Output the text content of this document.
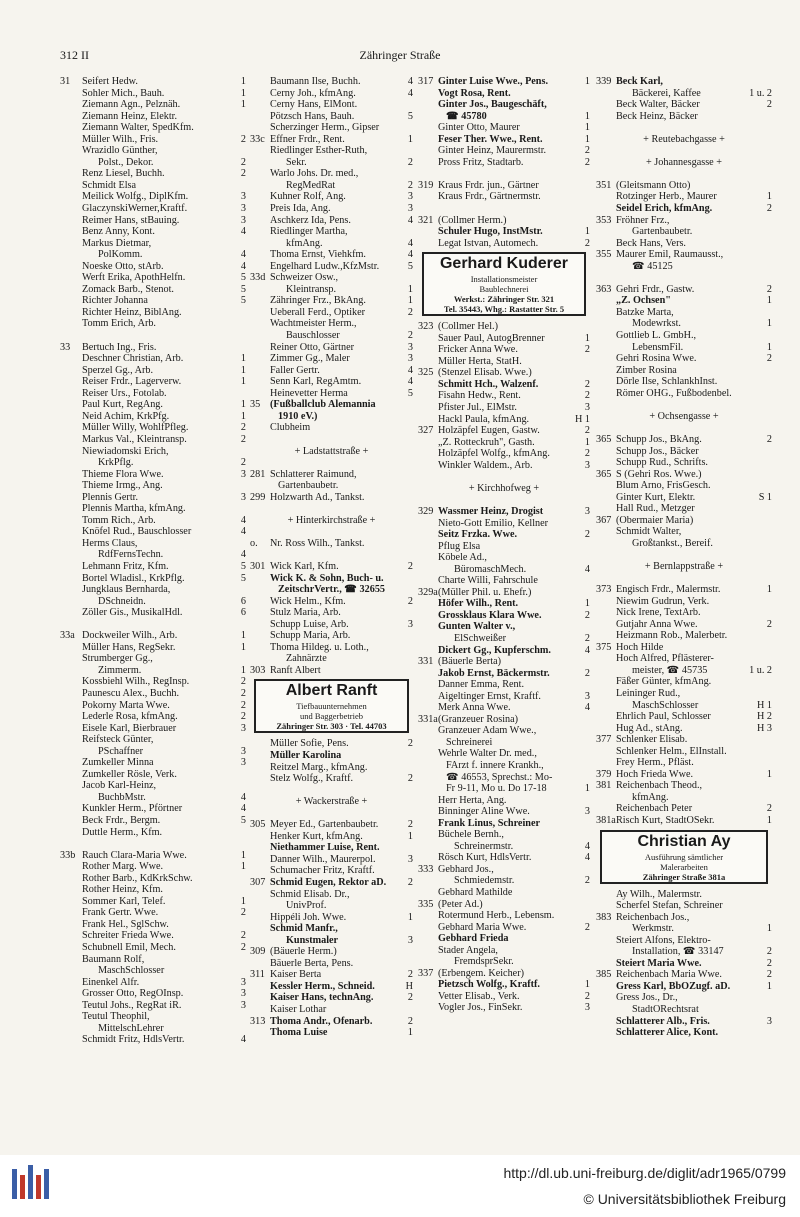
312 II	Zähringer Straße
31 Seifert Hedw.	1
Sohler Mich., Bauh.	1
Ziemann Agn., Pelznäh.	1
Ziemann Heinz, Elektr.
Ziemann Walter, SpedKfm.
Müller Wilh., Fris.	2
Wrazidlo Günther,
Polst., Dekor.	2
Renz Liesel, Buchh.	2
Schmidt Elsa
Meilick Wolfg., DiplKfm.	3
GlaczynskiWerner,Kraftf.	3
Reimer Hans, stBauing.	3
Benz Anny, Kont.	4
Markus Dietmar,
PolKomm.	4
Noeske Otto, stArb.	4
Werft Erika, ApothHelfn.	5
Zomack Barb., Stenot.	5
Richter Johanna	5
Richter Heinz, BiblAng.
Tomm Erich, Arb.
33 Bertuch Ing., Fris.
Deschner Christian, Arb.	1
Sperzel Gg., Arb.	1
Reiser Frdr., Lagerverw.	1
Reiser Urs., Fotolab.
Paul Kurt, RegAng.	1
Neid Achim, KrkPfg.	1
Müller Willy, WohlfPfleg.	2
Markus Val., Kleintransp.	2
Niewiadomski Erich,
KrkPflg.	2
Thieme Flora Wwe.	3
Thieme Irmg., Ang.
Plennis Gertr.	3
Plennis Martha, kfmAng.
Tomm Rich., Arb.	4
Knöfel Rud., Bauschlosser	4
Herms Claus,
RdfFernsTechn.	4
Lehmann Fritz, Kfm.	5
Bortel Wladisl., KrkPflg.	5
Jungklaus Bernharda,
DSchneidn.	6
Zöller Gis., MusikalHdl.	6
33a Dockweiler Wilh., Arb.	1
Müller Hans, RegSekr.	1
Strumberger Gg.,
Zimmerm.	1
Kossbiehl Wilh., RegInsp.	2
Paunescu Alex., Buchh.	2
Pokorny Marta Wwe.	2
Lederle Rosa, kfmAng.	2
Eisele Karl, Bierbrauer	3
Reifsteck Günter,
PSchaffner	3
Zumkeller Minna	3
Zumkeller Rösle, Verk.
Jacob Karl-Heinz,
BuchbMstr.	4
Kunkler Herm., Pförtner	4
Beck Frdr., Bergm.	5
Duttle Herm., Kfm.
33b Rauch Clara-Maria Wwe.	1
Rother Marg. Wwe.	1
Rother Barb., KdKrkSchw.
Rother Heinz, Kfm.
Sommer Karl, Telef.	1
Frank Gertr. Wwe.	2
Frank Hel., SglSchw.
Schreiter Frieda Wwe.	2
Schubnell Emil, Mech.	2
Baumann Rolf,
MaschSchlosser
Einenkel Alfr.	3
Grosser Otto, RegOInsp.	3
Teutul Johs., RegRat iR.	3
Teutul Theophil,
MittelschLehrer
Schmidt Fritz, HdlsVertr.	4
Baumann Ilse, Buchh.	4
Cerny Joh., kfmAng.	4
Cerny Hans, ElMont.
Pötzsch Hans, Bauh.	5
Scherzinger Herm., Gipser
33c Effner Frdr., Rent.	1
Riedlinger Esther-Ruth,
Sekr.	2
Warlo Johs. Dr. med.,
RegMedRat	2
Kuhner Rolf, Ang.	3
Preis Ida, Ang.	3
Aschkerz Ida, Pens.	4
Riedlinger Martha,
kfmAng.	4
Thoma Ernst, Viehkfm.	4
Engelhard Ludw.,KfzMstr.	5
33d Schweizer Osw.,
Kleintransp.	1
Zähringer Frz., BkAng.	1
Ueberall Ferd., Optiker	2
Wachtmeister Herm.,
Bauschlosser	2
Reiner Otto, Gärtner	3
Zimmer Gg., Maler	3
Faller Gertr.	4
Senn Karl, RegAmtm.	4
Heinevetter Herma	5
35 (Fußballclub Alemannia
1910 eV.)
Clubheim
+ Ladstattstraße +
281 Schlatterer Raimund,
Gartenbaubetr.
299 Holzwarth Ad., Tankst.
+ Hinterkirchstraße +
o. Nr. Ross Wilh., Tankst.
301 Wick Karl, Kfm.	2
Wick K. & Sohn, Buch- u.
ZeitschrVertr., ☎ 32655
Wick Helm., Kfm.	2
Stulz Maria, Arb.
Schupp Luise, Arb.	3
Schupp Maria, Arb.
Thoma Hildeg. u. Loth.,
Zahnärzte
303 Ranft Albert
Albert Ranft
Tiefbauunternehmen
und Baggerbetrieb
Zähringer Str. 303 · Tel. 44703
Müller Sofie, Pens.	2
Müller Karolina
Reitzel Marg., kfmAng.
Stelz Wolfg., Kraftf.	2
+ Wackerstraße +
305 Meyer Ed., Gartenbaubetr.	2
Henker Kurt, kfmAng.	1
Niethammer Luise, Rent.
Danner Wilh., Maurerpol.	3
Schumacher Fritz, Kraftf.
307 Schmid Eugen, Rektor aD. 2
Schmid Elisab. Dr.,
UnivProf.
Hippéli Joh. Wwe.	1
Schmid Manfr.,
Kunstmaler	3
309 (Bäuerle Herm.)
Bäuerle Berta, Pens.
311 Kaiser Berta	2
Kessler Herm., Schneid.	H
Kaiser Hans, technAng.	2
Kaiser Lothar
313 Thoma Andr., Ofenarb.	2
Thoma Luise	1
317 Ginter Luise Wwe., Pens.	1
Vogt Rosa, Rent.
Ginter Jos., Baugeschäft,
☎ 45780	1
Ginter Otto, Maurer	1
Feser Ther. Wwe., Rent.	1
Ginter Heinz, Maurermstr.	2
Pross Fritz, Stadtarb.	2
319 Kraus Frdr. jun., Gärtner
Kraus Frdr., Gärtnermstr.
321 (Collmer Herm.)
Schuler Hugo, InstMstr.	1
Legat Istvan, Automech.	2
Gerhard Kuderer
Installationsmeister
Baublechnerei
Werkst.: Zähringer Str. 321
Tel. 35443, Whg.: Rastatter Str. 5
323 (Collmer Hel.)
Sauer Paul, AutogBrenner	1
Fricker Anna Wwe.	2
Müller Herta, StatH.
325 (Stenzel Elisab. Wwe.)
Schmitt Hch., Walzenf.	2
Fisahn Hedw., Rent.	2
Pfister Jul., ElMstr.	3
Hackl Paula, kfmAng.	H 1
327 Holzäpfel Eugen, Gastw.	2
„Z. Rotteckruh", Gasth.	1
Holzäpfel Wolfg., kfmAng.	2
Winkler Waldem., Arb.	3
+ Kirchhofweg +
329 Wassmer Heinz, Drogist	3
Nieto-Gott Emilio, Kellner
Seitz Frzka. Wwe.	2
Pflug Elsa
Köbele Ad.,
BüromaschMech.	4
Charte Willi, Fahrschule
329a (Müller Phil. u. Ehefr.)
Höfer Wilh., Rent.	1
Grossklaus Klara Wwe.	2
Gunten Walter v.,
ElSchweißer	2
Dickert Gg., Kupferschm.	4
331 (Bäuerle Berta)
Jakob Ernst, Bäckermstr.	2
Danner Emma, Rent.
Aigeltinger Ernst, Kraftf.	3
Merk Anna Wwe.	4
331a (Granzeuer Rosina)
Granzeuer Adam Wwe.,
Schreinerei
Wehrle Walter Dr. med.,
FArzt f. innere Krankh.,
☎ 46553, Sprechst.: Mo-
Fr 9-11, Mo u. Do 17-18	1
Herr Herta, Ang.
Binninger Aline Wwe.	3
Frank Linus, Schreiner
Büchele Bernh.,
Schreinermstr.	4
Rösch Kurt, HdlsVertr.	4
333 Gebhard Jos.,
Schmiedemstr.	2
Gebhard Mathilde
335 (Peter Ad.)
Rotermund Herb., Lebensm.
Gebhard Maria Wwe.	2
Gebhard Frieda
Stader Angela,
FremdsprSekr.
337 (Erbengem. Keicher)
Pietzsch Wolfg., Kraftf.	1
Vetter Elisab., Verk.	2
Vogler Jos., FinSekr.	3
339 Beck Karl,
Bäckerei, Kaffee	1 u. 2
Beck Walter, Bäcker	2
Beck Heinz, Bäcker
+ Reutebachgasse +
+ Johannesgasse +
351 (Gleitsmann Otto)
Rotzinger Herb., Maurer	1
Seidel Erich, kfmAng.	2
353 Fröhner Frz.,
Gartenbaubetr.
Beck Hans, Vers.
355 Maurer Emil, Raumausst.,
☎ 45125
363 Gehri Frdr., Gastw.	2
„Z. Ochsen"	1
Batzke Marta,
Modewrkst.	1
Gottlieb L. GmbH.,
LebensmFil.	1
Gehri Rosina Wwe.	2
Zimber Rosina
Dörle Ilse, SchlankhInst.
Römer OHG., Fußbodenbel.
+ Ochsengasse +
365 Schupp Jos., BkAng.	2
Schupp Jos., Bäcker
Schupp Rud., Schrifts.
365 S (Gehri Ros. Wwe.)
Blum Arno, FrisGesch.
Ginter Kurt, Elektr.	S 1
Hall Rud., Metzger
367 (Obermaier Maria)
Schmidt Walter,
Großtankst., Bereif.
+ Bernlappstraße +
373 Engisch Frdr., Malermstr.	1
Niewim Gudrun, Verk.
Nick Irene, TextArb.
Gutjahr Anna Wwe.	2
Heizmann Rob., Malerbetr.
375 Hoch Hilde
Hoch Alfred, Pflästerer-
meister, ☎ 45735	1 u. 2
Fäßer Günter, kfmAng.
Leininger Rud.,
MaschSchlosser	H 1
Ehrlich Paul, Schlosser	H 2
Hug Ad., stAng.	H 3
377 Schlenker Elisab.
Schlenker Helm., ElInstall.
Frey Herm., Pfläst.
379 Hoch Frieda Wwe.	1
381 Reichenbach Theod.,
kfmAng.
Reichenbach Peter	2
381a Risch Kurt, StadtOSekr.	1
Christian Ay
Ausführung sämtlicher
Malerarbeiten
Zähringer Straße 381a
Ay Wilh., Malermstr.
Scherfel Stefan, Schreiner
383 Reichenbach Jos.,
Werkmstr.	1
Steiert Alfons, Elektro-
Installation, ☎ 33147	2
Steiert Maria Wwe.	2
385 Reichenbach Maria Wwe.	2
Gress Karl, BbOZugf. aD.	1
Gress Jos., Dr.,
StadtORechtsrat
Schlatterer Alb., Fris.	3
Schlatterer Alice, Kont.
http://dl.ub.uni-freiburg.de/diglit/adr1965/0799
© Universitätsbibliothek Freiburg
